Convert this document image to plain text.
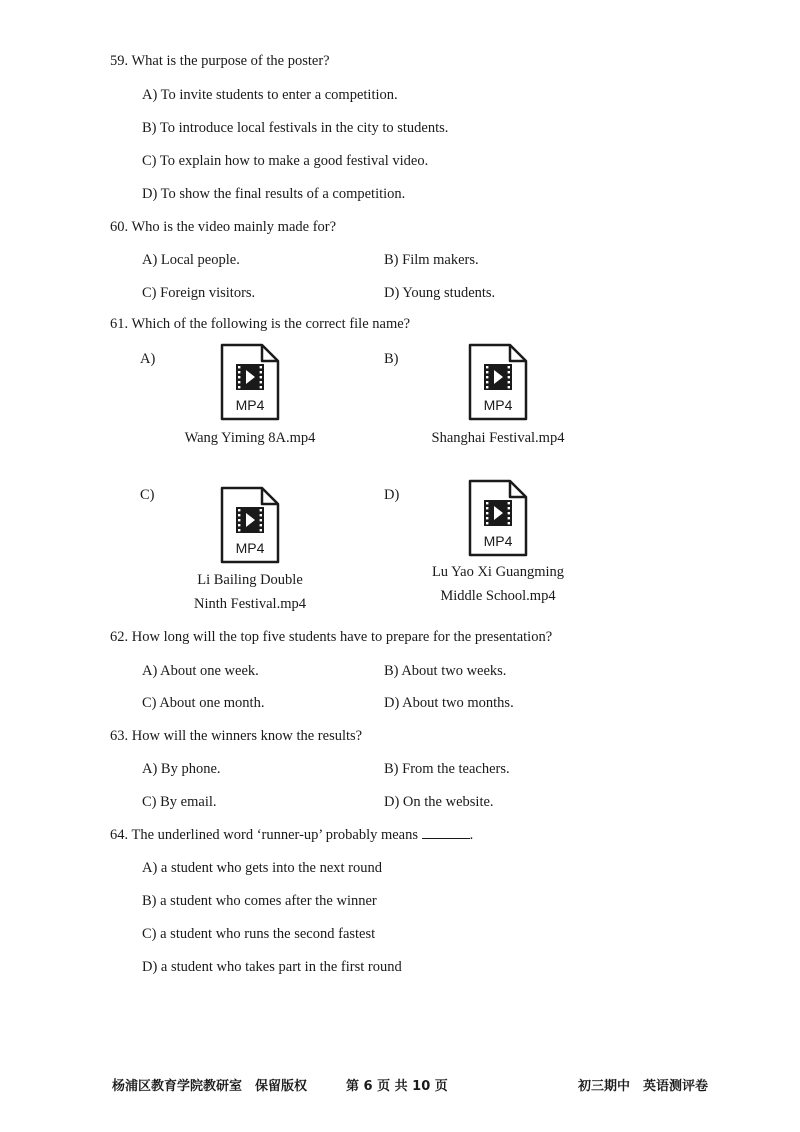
59. What is the purpose of the poster?
A) To invite students to enter a competition.
B) To introduce local festivals in the city to students.
C) To explain how to make a good festival video.
D) To show the final results of a competition.
60. Who is the video mainly made for?
A) Local people.	B) Film makers.
C) Foreign visitors.	D) Young students.
61. Which of the following is the correct file name?
A)
MP4
Wang Yiming 8A.mp4
B)
MP4
Shanghai Festival.mp4
C)
MP4
Li Bailing Double
Ninth Festival.mp4
D)
MP4
Lu Yao Xi Guangming
Middle School.mp4
62. How long will the top five students have to prepare for the presentation?
A) About one week.	B) About two weeks.
C) About one month.	D) About two months.
63. How will the winners know the results?
A) By phone.	B) From the teachers.
C) By email.	D) On the website.
64. The underlined word ‘runner-up’ probably means	.
A) a student who gets into the next round
B) a student who comes after the winner
C) a student who runs the second fastest
D) a student who takes part in the first round
杨浦区教育学院教研室　保留版权	第 6 页 共 10 页	初三期中　英语测评卷
